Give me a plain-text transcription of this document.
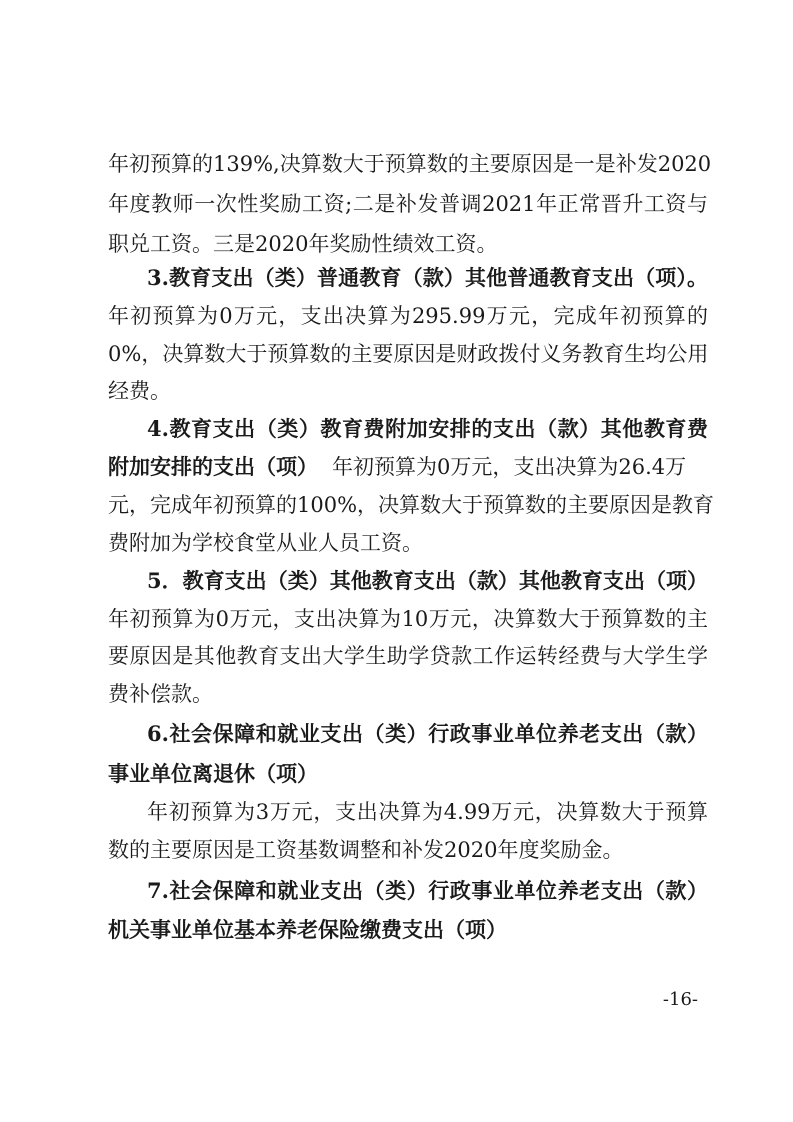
年初预算的139%,决算数大于预算数的主要原因是一是补发2020
年度教师一次性奖励工资;二是补发普调2021年正常晋升工资与
职兑工资。三是2020年奖励性绩效工资。
3.教育支出（类）普通教育（款）其他普通教育支出（项）。
年初预算为0万元，支出决算为295.99万元，完成年初预算的
0%，决算数大于预算数的主要原因是财政拨付义务教育生均公用
经费。
4.教育支出（类）教育费附加安排的支出（款）其他教育费
附加安排的支出（项） 年初预算为0万元，支出决算为26.4万
元，完成年初预算的100%，决算数大于预算数的主要原因是教育
费附加为学校食堂从业人员工资。
5．教育支出（类）其他教育支出（款）其他教育支出（项）
年初预算为0万元，支出决算为10万元，决算数大于预算数的主
要原因是其他教育支出大学生助学贷款工作运转经费与大学生学
费补偿款。
6.社会保障和就业支出（类）行政事业单位养老支出（款）
事业单位离退休（项）
年初预算为3万元，支出决算为4.99万元，决算数大于预算
数的主要原因是工资基数调整和补发2020年度奖励金。
7.社会保障和就业支出（类）行政事业单位养老支出（款）
机关事业单位基本养老保险缴费支出（项）
-16-
